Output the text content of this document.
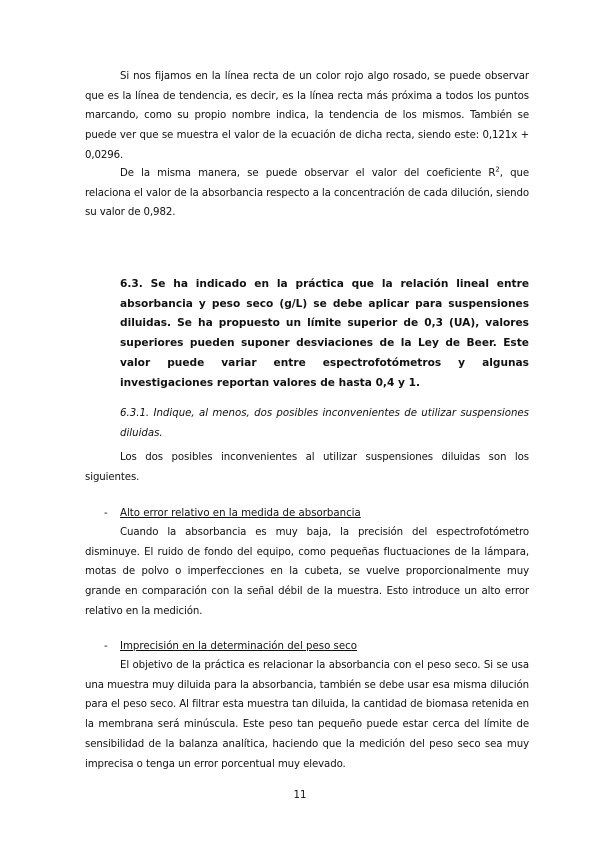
Si nos fijamos en la línea recta de un color rojo algo rosado, se puede observar que es la línea de tendencia, es decir, es la línea recta más próxima a todos los puntos marcando, como su propio nombre indica, la tendencia de los mismos. También se puede ver que se muestra el valor de la ecuación de dicha recta, siendo este: 0,121x + 0,0296.

De la misma manera, se puede observar el valor del coeficiente $R^2$, que relaciona el valor de la absorbancia respecto a la concentración de cada dilución, siendo su valor de 0,982.

6.3. Se ha indicado en la práctica que la relación lineal entre absorbancia y peso seco (g/L) se debe aplicar para suspensiones diluidas. Se ha propuesto un límite superior de 0,3 (UA), valores superiores pueden suponer desviaciones de la Ley de Beer. Este valor puede variar entre espectrofotómetros y algunas investigaciones reportan valores de hasta 0,4 y 1.

6.3.1. Indique, al menos, dos posibles inconvenientes de utilizar suspensiones diluidas.

Los dos posibles inconvenientes al utilizar suspensiones diluidas son los siguientes.

- Alto error relativo en la medida de absorbancia

Cuando la absorbancia es muy baja, la precisión del espectrofotómetro disminuye. El ruido de fondo del equipo, como pequeñas fluctuaciones de la lámpara, motas de polvo o imperfecciones en la cubeta, se vuelve proporcionalmente muy grande en comparación con la señal débil de la muestra. Esto introduce un alto error relativo en la medición.

- Imprecisión en la determinación del peso seco

El objetivo de la práctica es relacionar la absorbancia con el peso seco. Si se usa una muestra muy diluida para la absorbancia, también se debe usar esa misma dilución para el peso seco. Al filtrar esta muestra tan diluida, la cantidad de biomasa retenida en la membrana será minúscula. Este peso tan pequeño puede estar cerca del límite de sensibilidad de la balanza analítica, haciendo que la medición del peso seco sea muy imprecisa o tenga un error porcentual muy elevado.

11
